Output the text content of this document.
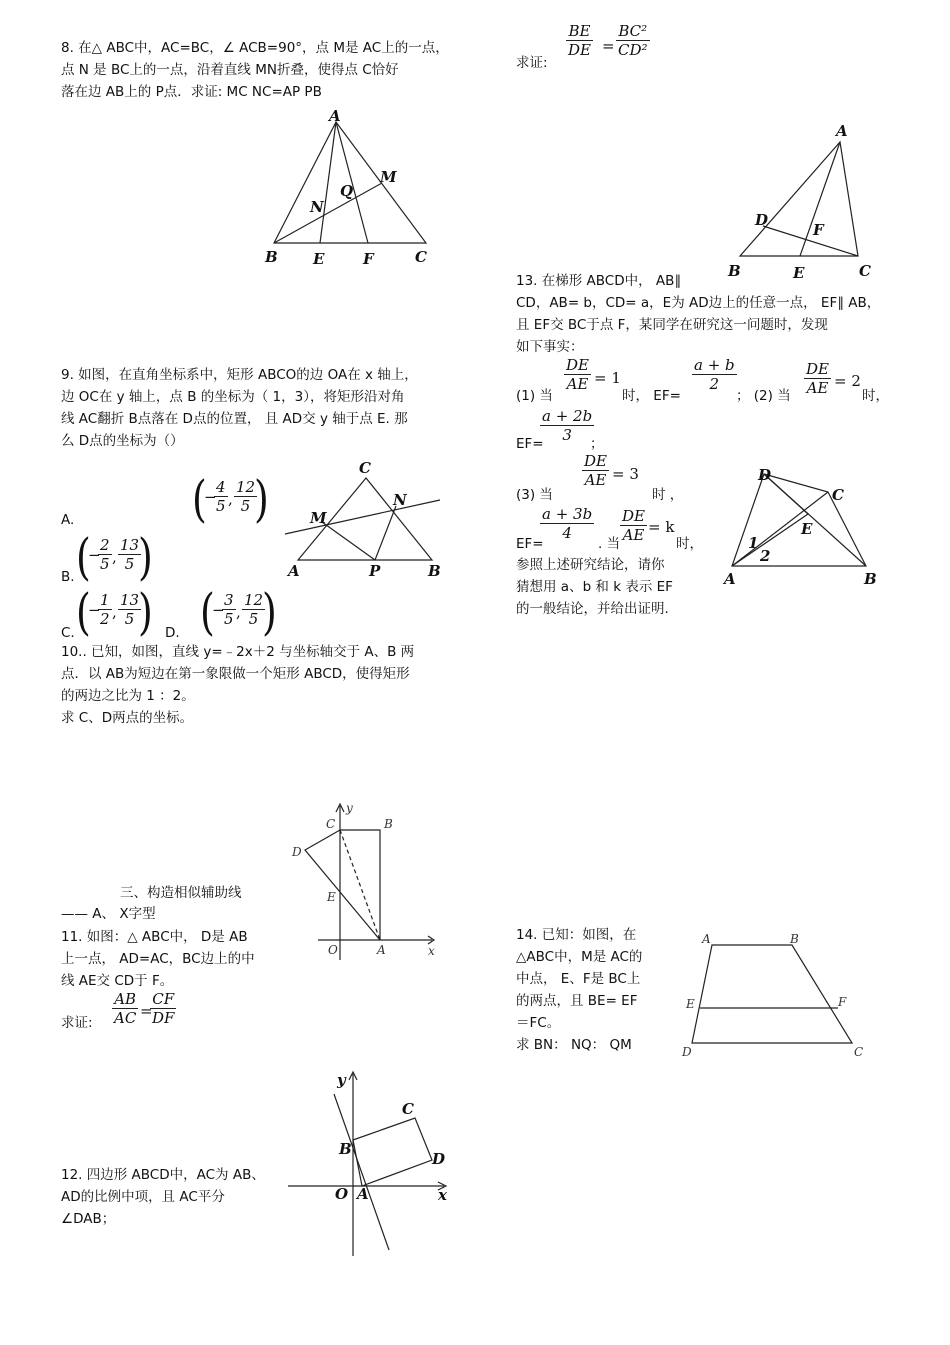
8. 在△ ABC中，AC=BC，∠ ACB=90°，点 M是 AC上的一点，
点 N 是 BC上的一点，沿着直线 MN折叠，使得点 C恰好
落在边 AB上的 P点．求证: MC NC=AP PB
A
B	C
E	F
M
N
Q
求证:
BE
DE =
BC²
CD²
A
B	C
D
E
F
9. 如图，在直角坐标系中，矩形 ABCO的边 OA在 x 轴上，
边 OC在 y 轴上，点 B 的坐标为（ 1，3），将矩形沿对角
线 AC翻折 B点落在 D点的位置， 且 AD交 y 轴于点 E. 那
么 D点的坐标为（）
A.	(
−
4
5 ,
12
5 )
B. (
−
2
5 ,
13
5 )
C. (
−
1
2 ,
13
5 ) D. (
−
3
5 ,
12
5 )
C
A	B
M
N
P
10.. 已知，如图，直线 y=﹣2x＋2 与坐标轴交于 A、B 两
点．以 AB为短边在第一象限做一个矩形 ABCD，使得矩形
的两边之比为 1 ：2。
求 C、D两点的坐标。
y
x
C	B
D
E
O	A
三、构造相似辅助线
—— A、 X字型
11. 如图：△ ABC中， D是 AB
上一点， AD=AC，BC边上的中
线 AE交 CD于 F。
求证:
AB
AC =
CF
DF
12. 四边形 ABCD中，AC为 AB、
AD的比例中项，且 AC平分
∠DAB；
y
x
C
B
D
O A
13. 在梯形 ABCD中， AB∥
CD，AB= b，CD= a，E为 AD边上的任意一点， EF∥ AB，
且 EF交 BC于点 F，某同学在研究这一问题时，发现
如下事实：
(1) 当
DE
AE = 1
时， EF=
a + b
2
； (2) 当
DE
AE = 2
时，
EF=
a + 2b
3 ；
(3) 当
DE
AE = 3
时 ，
EF=
a + 3b
4
. 当
DE
AE = k
时，
参照上述研究结论，请你
猜想用 a、b 和 k 表示 EF
的一般结论，并给出证明.
D
C
E
A	B
1
2
14. 已知：如图，在
△ABC中，M是 AC的
中点， E、F是 BC上
的两点，且 BE= EF
＝FC。
求 BN： NQ： QM
A	B
C
D
E	F
